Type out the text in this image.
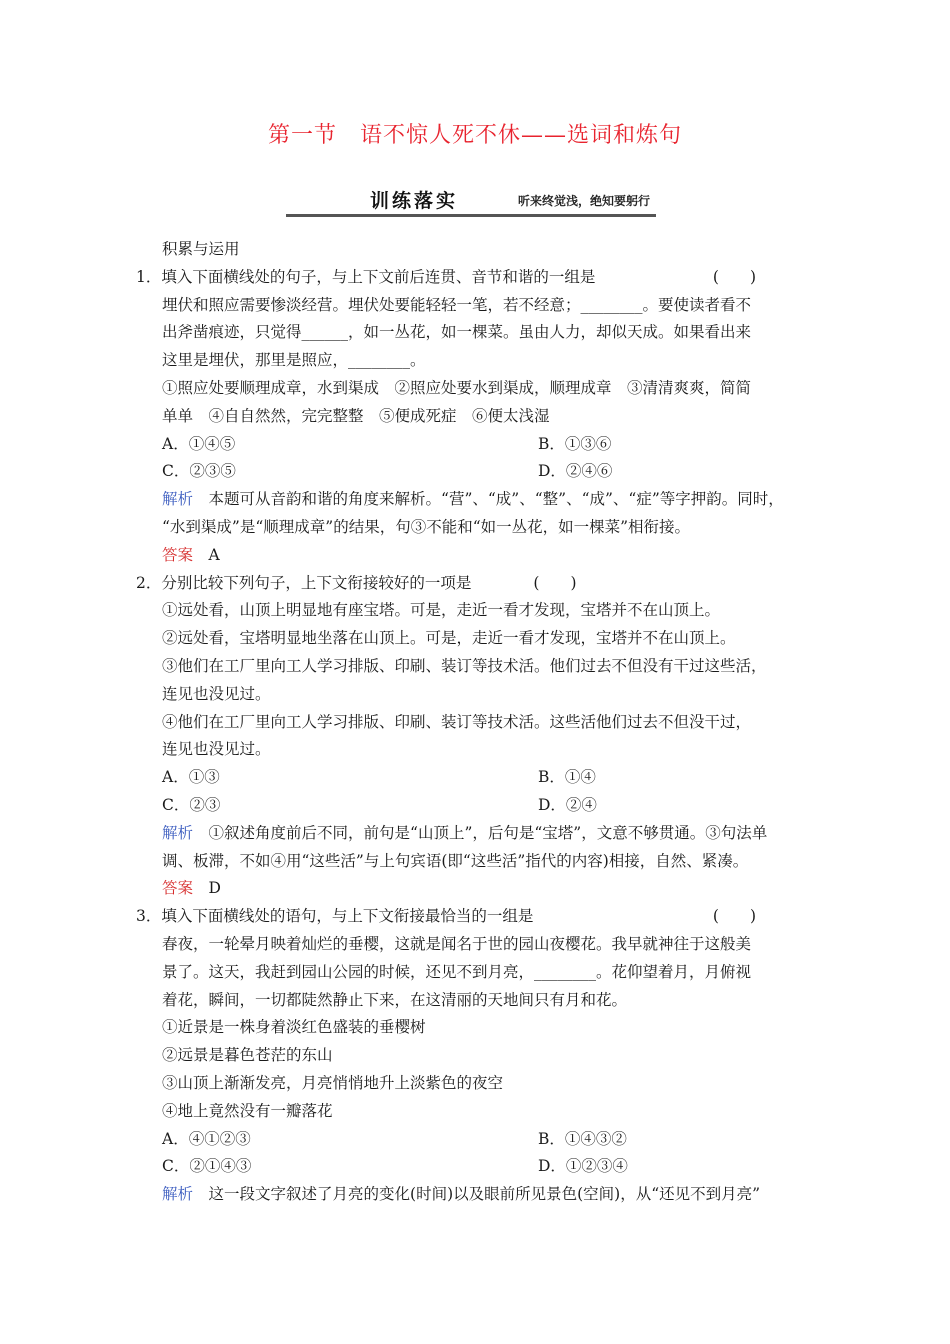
第一节　语不惊人死不休——选词和炼句
训练落实	听来终觉浅，绝知要躬行
积累与运用
1．填入下面横线处的句子，与上下文前后连贯、音节和谐的一组是	(　　)
埋伏和照应需要惨淡经营。埋伏处要能轻轻一笔，若不经意；________。要使读者看不
出斧凿痕迹，只觉得______，如一丛花，如一棵菜。虽由人力，却似天成。如果看出来
这里是埋伏，那里是照应，________。
①照应处要顺理成章，水到渠成　②照应处要水到渠成，顺理成章　③清清爽爽，简简
单单　④自自然然，完完整整　⑤便成死症　⑥便太浅湿
A．①④⑤	B．①③⑥
C．②③⑤	D．②④⑥
解析　 本题可从音韵和谐的角度来解析。“营”、“成”、“整”、“成”、“症”等字押韵。同时，
“水到渠成”是“顺理成章”的结果，句③不能和“如一丛花，如一棵菜”相衔接。
答案　 A
2．分别比较下列句子，上下文衔接较好的一项是　　　　	(　　)
①远处看，山顶上明显地有座宝塔。可是，走近一看才发现，宝塔并不在山顶上。
②远处看，宝塔明显地坐落在山顶上。可是，走近一看才发现，宝塔并不在山顶上。
③他们在工厂里向工人学习排版、印刷、装订等技术活。他们过去不但没有干过这些活，
连见也没见过。
④他们在工厂里向工人学习排版、印刷、装订等技术活。这些活他们过去不但没干过，
连见也没见过。
A．①③	B．①④
C．②③	D．②④
解析　 ①叙述角度前后不同，前句是“山顶上”，后句是“宝塔”，文意不够贯通。③句法单
调、板滞，不如④用“这些活”与上句宾语(即“这些活”指代的内容)相接，自然、紧凑。
答案　 D
3．填入下面横线处的语句，与上下文衔接最恰当的一组是	(　　)
春夜，一轮晕月映着灿烂的垂樱，这就是闻名于世的园山夜樱花。我早就神往于这般美
景了。这天，我赶到园山公园的时候，还见不到月亮，________。花仰望着月，月俯视
着花，瞬间，一切都陡然静止下来，在这清丽的天地间只有月和花。
①近景是一株身着淡红色盛装的垂樱树
②远景是暮色苍茫的东山
③山顶上渐渐发亮，月亮悄悄地升上淡紫色的夜空
④地上竟然没有一瓣落花
A．④①②③	B．①④③②
C．②①④③	D．①②③④
解析　 这一段文字叙述了月亮的变化(时间)以及眼前所见景色(空间)，从“还见不到月亮”
